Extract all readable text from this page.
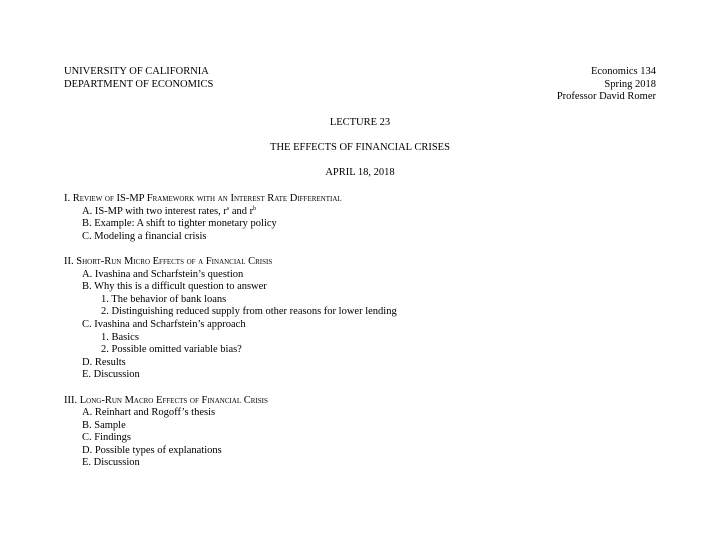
UNIVERSITY OF CALIFORNIA
DEPARTMENT OF ECONOMICS
Economics 134
Spring 2018
Professor David Romer
LECTURE 23
THE EFFECTS OF FINANCIAL CRISES
APRIL 18, 2018
I. Review of IS-MP Framework with an Interest Rate Differential
A. IS-MP with two interest rates, $r^s$ and $r^b$
B. Example: A shift to tighter monetary policy
C. Modeling a financial crisis
II. Short-Run Micro Effects of a Financial Crisis
A. Ivashina and Scharfstein’s question
B. Why this is a difficult question to answer
1. The behavior of bank loans
2. Distinguishing reduced supply from other reasons for lower lending
C. Ivashina and Scharfstein’s approach
1. Basics
2. Possible omitted variable bias?
D. Results
E. Discussion
III. Long-Run Macro Effects of Financial Crisis
A. Reinhart and Rogoff’s thesis
B. Sample
C. Findings
D. Possible types of explanations
E. Discussion
